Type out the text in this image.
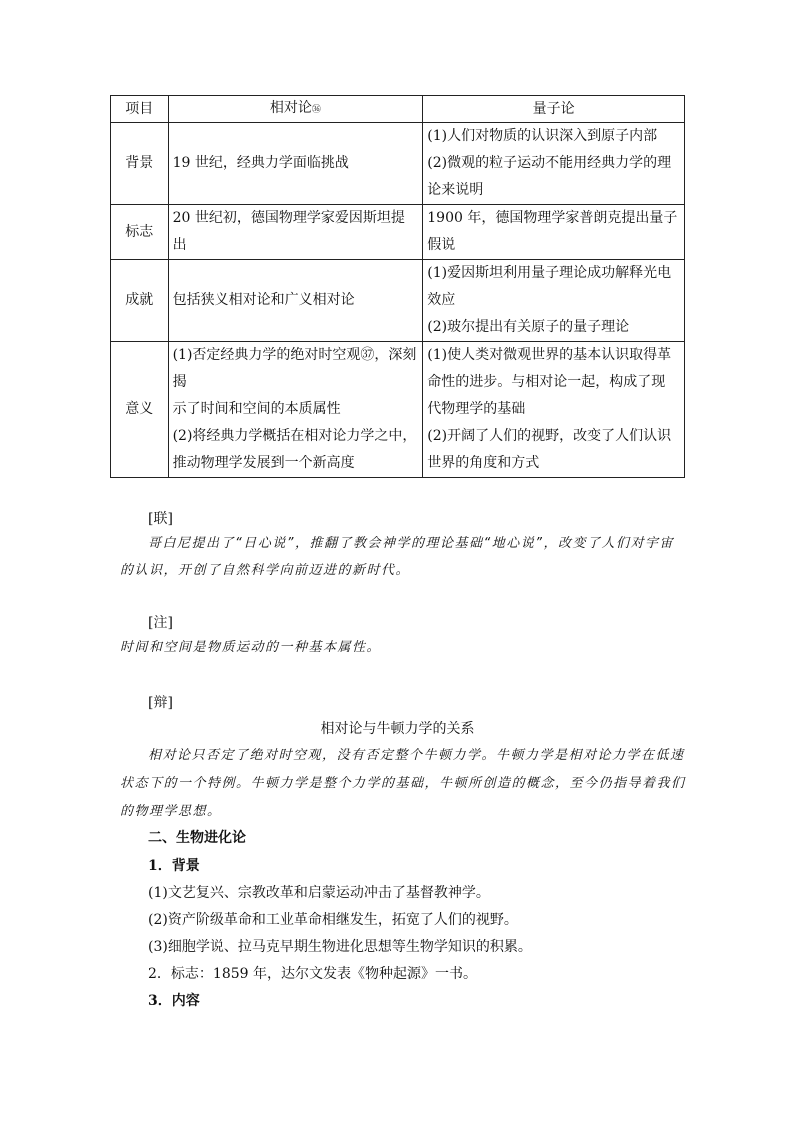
项目	相对论㊱	量子论
背景	19 世纪，经典力学面临挑战	(1)人们对物质的认识深入到原子内部
(2)微观的粒子运动不能用经典力学的理
论来说明

标志	20 世纪初，德国物理学家爱因斯坦提出	1900 年，德国物理学家普朗克提出量子
假说

成就	包括狭义相对论和广义相对论	(1)爱因斯坦利用量子理论成功解释光电
效应
(2)玻尔提出有关原子的量子理论

意义	(1)否定经典力学的绝对时空观㊲，深刻揭
示了时间和空间的本质属性
(2)将经典力学概括在相对论力学之中，
推动物理学发展到一个新高度	(1)使人类对微观世界的基本认识取得革
命性的进步。与相对论一起，构成了现
代物理学的基础
(2)开阔了人们的视野，改变了人们认识
世界的角度和方式
[联]
哥白尼提出了“日心说”，推翻了教会神学的理论基础“地心说”，改变了人们对宇宙
的认识，开创了自然科学向前迈进的新时代。
[注]
时间和空间是物质运动的一种基本属性。
[辩]
相对论与牛顿力学的关系
相对论只否定了绝对时空观，没有否定整个牛顿力学。牛顿力学是相对论力学在低速
状态下的一个特例。牛顿力学是整个力学的基础，牛顿所创造的概念，至今仍指导着我们
的物理学思想。
二、生物进化论
1．背景
(1)文艺复兴、宗教改革和启蒙运动冲击了基督教神学。
(2)资产阶级革命和工业革命相继发生，拓宽了人们的视野。
(3)细胞学说、拉马克早期生物进化思想等生物学知识的积累。
2．标志：1859 年，达尔文发表《物种起源》一书。
3．内容
